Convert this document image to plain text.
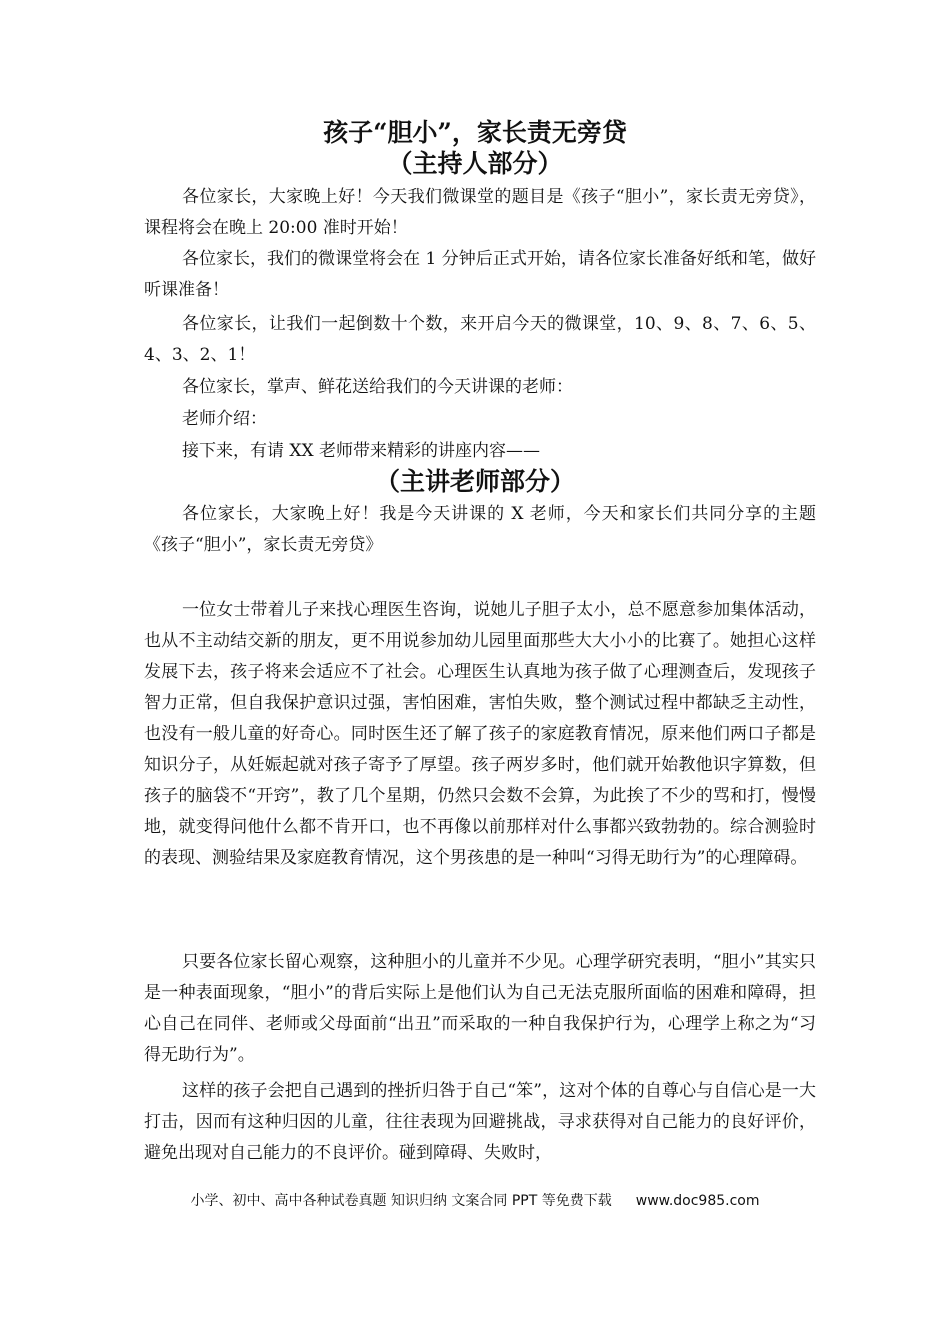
孩子“胆小”，家长责无旁贷
（主持人部分）

各位家长，大家晚上好！今天我们微课堂的题目是《孩子“胆小”，家长责无旁贷》，课程将会在晚上 20:00 准时开始！

各位家长，我们的微课堂将会在 1 分钟后正式开始，请各位家长准备好纸和笔，做好听课准备！

各位家长，让我们一起倒数十个数，来开启今天的微课堂，10、9、8、7、6、5、4、3、2、1！

各位家长，掌声、鲜花送给我们的今天讲课的老师：

老师介绍：

接下来，有请 XX 老师带来精彩的讲座内容——

（主讲老师部分）

各位家长，大家晚上好！我是今天讲课的 X 老师，今天和家长们共同分享的主题《孩子“胆小”，家长责无旁贷》

一位女士带着儿子来找心理医生咨询，说她儿子胆子太小，总不愿意参加集体活动，也从不主动结交新的朋友，更不用说参加幼儿园里面那些大大小小的比赛了。她担心这样发展下去，孩子将来会适应不了社会。心理医生认真地为孩子做了心理测查后，发现孩子智力正常，但自我保护意识过强，害怕困难，害怕失败，整个测试过程中都缺乏主动性，也没有一般儿童的好奇心。同时医生还了解了孩子的家庭教育情况，原来他们两口子都是知识分子，从妊娠起就对孩子寄予了厚望。孩子两岁多时，他们就开始教他识字算数，但孩子的脑袋不“开窍”，教了几个星期，仍然只会数不会算，为此挨了不少的骂和打，慢慢地，就变得问他什么都不肯开口，也不再像以前那样对什么事都兴致勃勃的。综合测验时的表现、测验结果及家庭教育情况，这个男孩患的是一种叫“习得无助行为”的心理障碍。

只要各位家长留心观察，这种胆小的儿童并不少见。心理学研究表明，“胆小”其实只是一种表面现象，“胆小”的背后实际上是他们认为自己无法克服所面临的困难和障碍，担心自己在同伴、老师或父母面前“出丑”而采取的一种自我保护行为，心理学上称之为“习得无助行为”。

这样的孩子会把自己遇到的挫折归咎于自己“笨”，这对个体的自尊心与自信心是一大打击，因而有这种归因的儿童，往往表现为回避挑战，寻求获得对自己能力的良好评价，避免出现对自己能力的不良评价。碰到障碍、失败时，

小学、初中、高中各种试卷真题 知识归纳 文案合同 PPT 等免费下载 www.doc985.com
